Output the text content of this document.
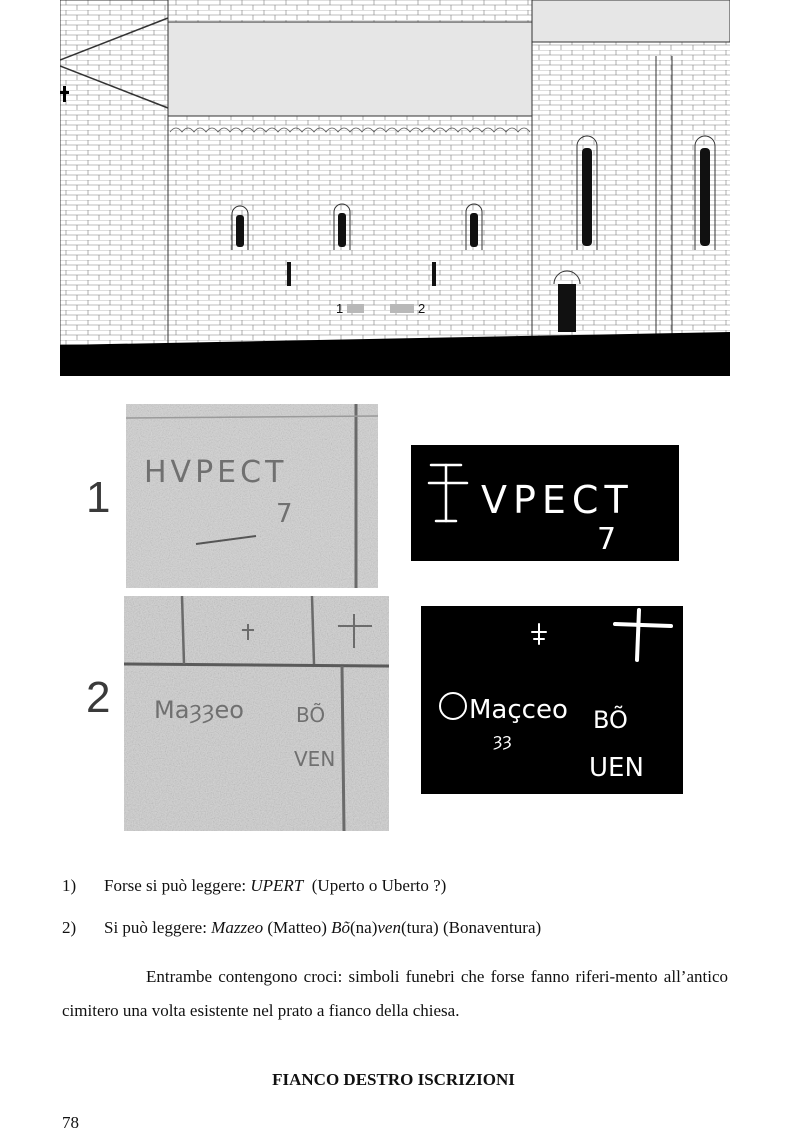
1	2
1
HVPECT
7	VPECT
7
2 Maȝȝeo	BÕ
VEN
Maçceo
ȝȝ
BÕ
UEN
1) Forse si può leggere: UPERT  (Uperto o Uberto ?)
2) Si può leggere: Mazzeo (Matteo) Bõ(na)ven(tura) (Bonaventura)
Entrambe contengono croci: simboli funebri che forse fanno riferi-mento all’antico cimitero una volta esistente nel prato a fianco della chiesa.
FIANCO DESTRO ISCRIZIONI
78
